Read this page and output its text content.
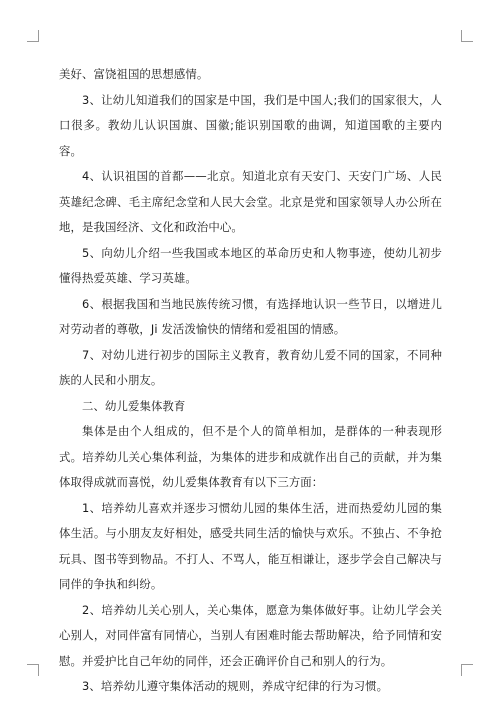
美好、富饶祖国的思想感情。

3、让幼儿知道我们的国家是中国，我们是中国人;我们的国家很大，人口很多。教幼儿认识国旗、国徽;能识别国歌的曲调，知道国歌的主要内容。

4、认识祖国的首都——北京。知道北京有天安门、天安门广场、人民英雄纪念碑、毛主席纪念堂和人民大会堂。北京是党和国家领导人办公所在地，是我国经济、文化和政治中心。

5、向幼儿介绍一些我国或本地区的革命历史和人物事迹，使幼儿初步懂得热爱英雄、学习英雄。

6、根据我国和当地民族传统习惯，有选择地认识一些节日，以增进儿对劳动者的尊敬，Ji 发活泼愉快的情绪和爱祖国的情感。

7、对幼儿进行初步的国际主义教育，教育幼儿爱不同的国家，不同种族的人民和小朋友。

二、幼儿爱集体教育

集体是由个人组成的，但不是个人的简单相加，是群体的一种表现形式。培养幼儿关心集体利益，为集体的进步和成就作出自己的贡献，并为集体取得成就而喜悦，幼儿爱集体教育有以下三方面：

1、培养幼儿喜欢并逐步习惯幼儿园的集体生活，进而热爱幼儿园的集体生活。与小朋友友好相处，感受共同生活的愉快与欢乐。不独占、不争抢玩具、图书等到物品。不打人、不骂人，能互相谦让，逐步学会自己解决与同伴的争执和纠纷。

2、培养幼儿关心别人，关心集体，愿意为集体做好事。让幼儿学会关心别人，对同伴富有同情心，当别人有困难时能去帮助解决，给予同情和安慰。并爱护比自己年幼的同伴，还会正确评价自己和别人的行为。

3、培养幼儿遵守集体活动的规则，养成守纪律的行为习惯。
